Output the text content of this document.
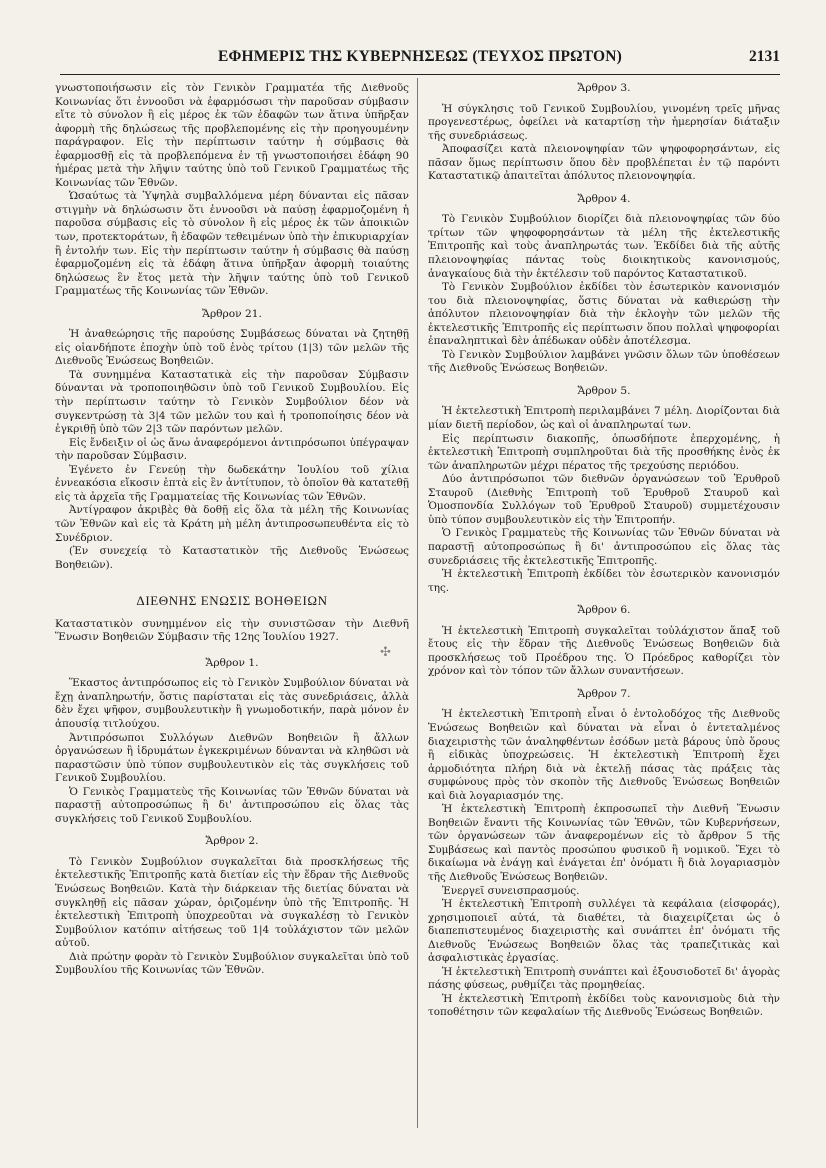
ΕΦΗΜΕΡΙΣ ΤΗΣ ΚΥΒΕΡΝΗΣΕΩΣ (ΤΕΥΧΟΣ ΠΡΩΤΟΝ)	2131

γνωστοποιήσωσιν εἰς τὸν Γενικὸν Γραμματέα τῆς Διεθνοῦς Κοινωνίας ὅτι ἐννοοῦσι νὰ ἐφαρμόσωσι τὴν παροῦσαν σύμβασιν εἴτε τὸ σύνολον ἢ εἰς μέρος ἐκ τῶν ἐδαφῶν των ἅτινα ὑπῆρξαν ἀφορμὴ τῆς δηλώσεως τῆς προβλεπομένης εἰς τὴν προηγουμένην παράγραφον. Εἰς τὴν περίπτωσιν ταύτην ἡ σύμβασις θὰ ἐφαρμοσθῇ εἰς τὰ προβλεπόμενα ἐν τῇ γνωστοποιήσει ἐδάφη 90 ἡμέρας μετὰ τὴν λῆψιν ταύτης ὑπὸ τοῦ Γενικοῦ Γραμματέως τῆς Κοινωνίας τῶν Ἐθνῶν.

Ὡσαύτως τὰ Ὑψηλὰ συμβαλλόμενα μέρη δύνανται εἰς πᾶσαν στιγμὴν νὰ δηλώσωσιν ὅτι ἐννοοῦσι νὰ παύσῃ ἐφαρμοζομένη ἡ παροῦσα σύμβασις εἰς τὸ σύνολον ἢ εἰς μέρος ἐκ τῶν ἀποικιῶν των, προτεκτοράτων, ἢ ἐδαφῶν τεθειμένων ὑπὸ τὴν ἐπικυριαρχίαν ἢ ἐντολήν των. Εἰς τὴν περίπτωσιν ταύτην ἡ σύμβασις θὰ παύσῃ ἐφαρμοζομένη εἰς τὰ ἐδάφη ἅτινα ὑπῆρξαν ἀφορμὴ τοιαύτης δηλώσεως ἓν ἔτος μετὰ τὴν λῆψιν ταύτης ὑπὸ τοῦ Γενικοῦ Γραμματέως τῆς Κοινωνίας τῶν Ἐθνῶν.

Ἄρθρον 21.

Ἡ ἀναθεώρησις τῆς παρούσης Συμβάσεως δύναται νὰ ζητηθῇ εἰς οἱανδήποτε ἐποχὴν ὑπὸ τοῦ ἑνὸς τρίτου (1|3) τῶν μελῶν τῆς Διεθνοῦς Ἑνώσεως Βοηθειῶν.

Τὰ συνημμένα Καταστατικὰ εἰς τὴν παροῦσαν Σύμβασιν δύνανται νὰ τροποποιηθῶσιν ὑπὸ τοῦ Γενικοῦ Συμβουλίου. Εἰς τὴν περίπτωσιν ταύτην τὸ Γενικὸν Συμβούλιον δέον νὰ συγκεντρώσῃ τὰ 3|4 τῶν μελῶν του καὶ ἡ τροποποίησις δέον νὰ ἐγκριθῇ ὑπὸ τῶν 2|3 τῶν παρόντων μελῶν.

Εἰς ἔνδειξιν οἱ ὡς ἄνω ἀναφερόμενοι ἀντιπρόσωποι ὑπέγραψαν τὴν παροῦσαν Σύμβασιν.

Ἐγένετο ἐν Γενεύῃ τὴν δωδεκάτην Ἰουλίου τοῦ χίλια ἐννεακόσια εἴκοσιν ἑπτὰ εἰς ἓν ἀντίτυπον, τὸ ὁποῖον θὰ κατατεθῇ εἰς τὰ ἀρχεῖα τῆς Γραμματείας τῆς Κοινωνίας τῶν Ἐθνῶν.

Ἀντίγραφον ἀκριβὲς θὰ δοθῇ εἰς ὅλα τὰ μέλη τῆς Κοινωνίας τῶν Ἐθνῶν καὶ εἰς τὰ Κράτη μὴ μέλη ἀντιπροσωπευθέντα εἰς τὸ Συνέδριον.

(Ἐν συνεχείᾳ τὸ Καταστατικὸν τῆς Διεθνοῦς Ἑνώσεως Βοηθειῶν).

ΔΙΕΘΝΗΣ ΕΝΩΣΙΣ ΒΟΗΘΕΙΩΝ
Καταστατικὸν συνημμένον εἰς τὴν συνιστῶσαν τὴν Διεθνῆ Ἕνωσιν Βοηθειῶν Σύμβασιν τῆς 12ης Ἰουλίου 1927.
Ἄρθρον 1.

Ἕκαστος ἀντιπρόσωπος εἰς τὸ Γενικὸν Συμβούλιον δύναται νὰ ἔχῃ ἀναπληρωτήν, ὅστις παρίσταται εἰς τὰς συνεδριάσεις, ἀλλὰ δὲν ἔχει ψῆφον, συμβουλευτικὴν ἢ γνωμοδοτικήν, παρὰ μόνον ἐν ἀπουσίᾳ τιτλούχου.

Ἀντιπρόσωποι Συλλόγων Διεθνῶν Βοηθειῶν ἢ ἄλλων ὀργανώσεων ἢ ἱδρυμάτων ἐγκεκριμένων δύνανται νὰ κληθῶσι νὰ παραστῶσιν ὑπὸ τύπον συμβουλευτικὸν εἰς τὰς συγκλήσεις τοῦ Γενικοῦ Συμβουλίου.

Ὁ Γενικὸς Γραμματεὺς τῆς Κοινωνίας τῶν Ἐθνῶν δύναται νὰ παραστῇ αὐτοπροσώπως ἢ δι' ἀντιπροσώπου εἰς ὅλας τὰς συγκλήσεις τοῦ Γενικοῦ Συμβουλίου.

Ἄρθρον 2.

Τὸ Γενικὸν Συμβούλιον συγκαλεῖται διὰ προσκλήσεως τῆς ἐκτελεστικῆς Ἐπιτροπῆς κατὰ διετίαν εἰς τὴν ἕδραν τῆς Διεθνοῦς Ἑνώσεως Βοηθειῶν. Κατὰ τὴν διάρκειαν τῆς διετίας δύναται νὰ συγκληθῇ εἰς πᾶσαν χώραν, ὁριζομένην ὑπὸ τῆς Ἐπιτροπῆς. Ἡ ἐκτελεστικὴ Ἐπιτροπὴ ὑποχρεοῦται νὰ συγκαλέσῃ τὸ Γενικὸν Συμβούλιον κατόπιν αἰτήσεως τοῦ 1|4 τοὐλάχιστον τῶν μελῶν αὐτοῦ.

Διὰ πρώτην φορὰν τὸ Γενικὸν Συμβούλιον συγκαλεῖται ὑπὸ τοῦ Συμβουλίου τῆς Κοινωνίας τῶν Ἐθνῶν.

Ἄρθρον 3.

Ἡ σύγκλησις τοῦ Γενικοῦ Συμβουλίου, γινομένη τρεῖς μῆνας προγενεστέρως, ὀφείλει νὰ καταρτίσῃ τὴν ἡμερησίαν διάταξιν τῆς συνεδριάσεως.

Ἀποφασίζει κατὰ πλειονοψηφίαν τῶν ψηφοφορησάντων, εἰς πᾶσαν ὅμως περίπτωσιν ὅπου δὲν προβλέπεται ἐν τῷ παρόντι Καταστατικῷ ἀπαιτεῖται ἀπόλυτος πλειονοψηφία.

Ἄρθρον 4.

Τὸ Γενικὸν Συμβούλιον διορίζει διὰ πλειονοψηφίας τῶν δύο τρίτων τῶν ψηφοφορησάντων τὰ μέλη τῆς ἐκτελεστικῆς Ἐπιτροπῆς καὶ τοὺς ἀναπληρωτάς των. Ἐκδίδει διὰ τῆς αὐτῆς πλειονοψηφίας πάντας τοὺς διοικητικοὺς κανονισμούς, ἀναγκαίους διὰ τὴν ἐκτέλεσιν τοῦ παρόντος Καταστατικοῦ.

Τὸ Γενικὸν Συμβούλιον ἐκδίδει τὸν ἐσωτερικὸν κανονισμόν του διὰ πλειονοψηφίας, ὅστις δύναται νὰ καθιερώσῃ τὴν ἀπόλυτον πλειονοψηφίαν διὰ τὴν ἐκλογὴν τῶν μελῶν τῆς ἐκτελεστικῆς Ἐπιτροπῆς εἰς περίπτωσιν ὅπου πολλαὶ ψηφοφορίαι ἐπαναληπτικαὶ δὲν ἀπέδωκαν οὐδὲν ἀποτέλεσμα.

Τὸ Γενικὸν Συμβούλιον λαμβάνει γνῶσιν ὅλων τῶν ὑποθέσεων τῆς Διεθνοῦς Ἑνώσεως Βοηθειῶν.

Ἄρθρον 5.

Ἡ ἐκτελεστικὴ Ἐπιτροπὴ περιλαμβάνει 7 μέλη. Διορίζονται διὰ μίαν διετῆ περίοδον, ὡς καὶ οἱ ἀναπληρωταί των.

Εἰς περίπτωσιν διακοπῆς, ὁπωσδήποτε ἐπερχομένης, ἡ ἐκτελεστικὴ Ἐπιτροπὴ συμπληροῦται διὰ τῆς προσθήκης ἑνὸς ἐκ τῶν ἀναπληρωτῶν μέχρι πέρατος τῆς τρεχούσης περιόδου.

Δύο ἀντιπρόσωποι τῶν διεθνῶν ὀργανώσεων τοῦ Ἐρυθροῦ Σταυροῦ (Διεθνὴς Ἐπιτροπὴ τοῦ Ἐρυθροῦ Σταυροῦ καὶ Ὁμοσπονδία Συλλόγων τοῦ Ἐρυθροῦ Σταυροῦ) συμμετέχουσιν ὑπὸ τύπον συμβουλευτικὸν εἰς τὴν Ἐπιτροπήν.

Ὁ Γενικὸς Γραμματεὺς τῆς Κοινωνίας τῶν Ἐθνῶν δύναται νὰ παραστῇ αὐτοπροσώπως ἢ δι' ἀντιπροσώπου εἰς ὅλας τὰς συνεδριάσεις τῆς ἐκτελεστικῆς Ἐπιτροπῆς.

Ἡ ἐκτελεστικὴ Ἐπιτροπὴ ἐκδίδει τὸν ἐσωτερικὸν κανονισμόν της.

Ἄρθρον 6.

Ἡ ἐκτελεστικὴ Ἐπιτροπὴ συγκαλεῖται τοὐλάχιστον ἅπαξ τοῦ ἔτους εἰς τὴν ἕδραν τῆς Διεθνοῦς Ἑνώσεως Βοηθειῶν διὰ προσκλήσεως τοῦ Προέδρου της. Ὁ Πρόεδρος καθορίζει τὸν χρόνον καὶ τὸν τόπον τῶν ἄλλων συναντήσεων.

Ἄρθρον 7.

Ἡ ἐκτελεστικὴ Ἐπιτροπὴ εἶναι ὁ ἐντολοδόχος τῆς Διεθνοῦς Ἑνώσεως Βοηθειῶν καὶ δύναται νὰ εἶναι ὁ ἐντεταλμένος διαχειριστὴς τῶν ἀναληφθέντων ἐσόδων μετὰ βάρους ὑπὸ ὅρους ἢ εἰδικὰς ὑποχρεώσεις. Ἡ ἐκτελεστικὴ Ἐπιτροπὴ ἔχει ἁρμοδιότητα πλήρη διὰ νὰ ἐκτελῇ πάσας τὰς πράξεις τὰς συμφώνους πρὸς τὸν σκοπὸν τῆς Διεθνοῦς Ἑνώσεως Βοηθειῶν καὶ διὰ λογαριασμόν της.

Ἡ ἐκτελεστικὴ Ἐπιτροπὴ ἐκπροσωπεῖ τὴν Διεθνῆ Ἕνωσιν Βοηθειῶν ἔναντι τῆς Κοινωνίας τῶν Ἐθνῶν, τῶν Κυβερνήσεων, τῶν ὀργανώσεων τῶν ἀναφερομένων εἰς τὸ ἄρθρον 5 τῆς Συμβάσεως καὶ παντὸς προσώπου φυσικοῦ ἢ νομικοῦ. Ἔχει τὸ δικαίωμα νὰ ἐνάγῃ καὶ ἐνάγεται ἐπ' ὀνόματι ἢ διὰ λογαριασμὸν τῆς Διεθνοῦς Ἑνώσεως Βοηθειῶν.

Ἐνεργεῖ συνεισπρασμούς.

Ἡ ἐκτελεστικὴ Ἐπιτροπὴ συλλέγει τὰ κεφάλαια (εἰσφοράς), χρησιμοποιεῖ αὐτά, τὰ διαθέτει, τὰ διαχειρίζεται ὡς ὁ διαπεπιστευμένος διαχειριστὴς καὶ συνάπτει ἐπ' ὀνόματι τῆς Διεθνοῦς Ἑνώσεως Βοηθειῶν ὅλας τὰς τραπεζιτικὰς καὶ ἀσφαλιστικὰς ἐργασίας.

Ἡ ἐκτελεστικὴ Ἐπιτροπὴ συνάπτει καὶ ἐξουσιοδοτεῖ δι' ἀγορὰς πάσης φύσεως, ρυθμίζει τὰς προμηθείας.

Ἡ ἐκτελεστικὴ Ἐπιτροπὴ ἐκδίδει τοὺς κανονισμοὺς διὰ τὴν τοποθέτησιν τῶν κεφαλαίων τῆς Διεθνοῦς Ἑνώσεως Βοηθειῶν.

✣
